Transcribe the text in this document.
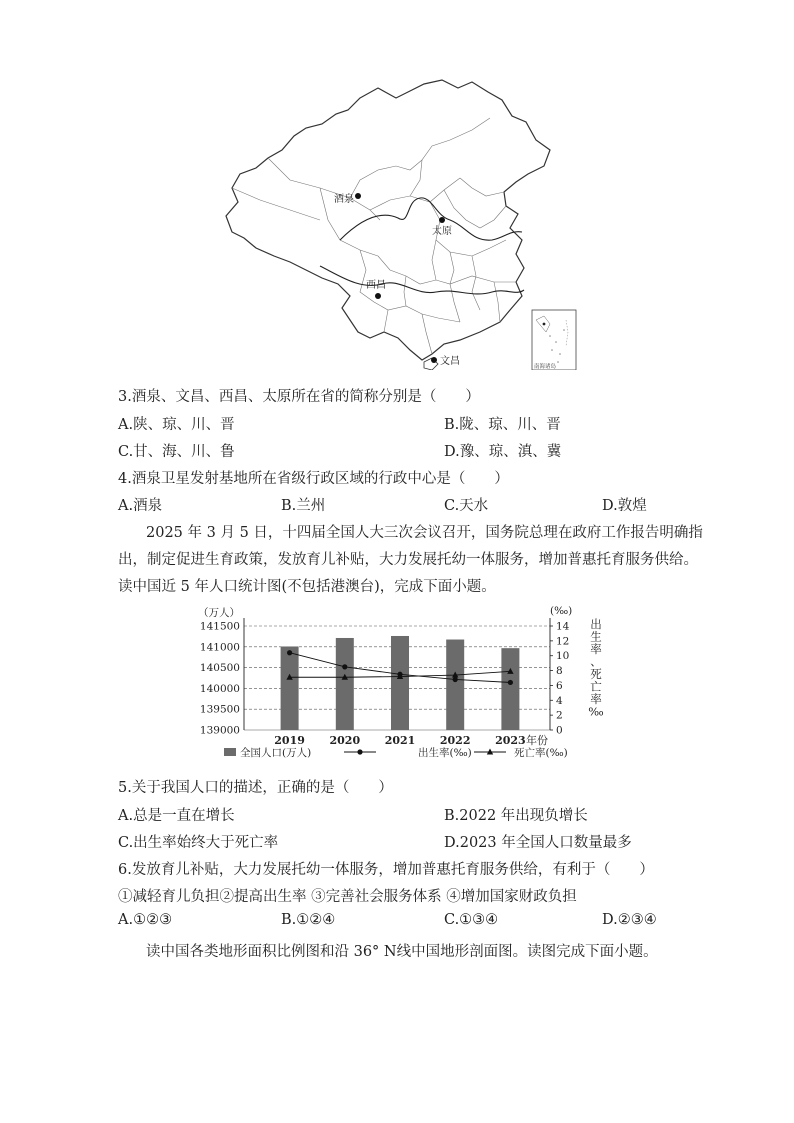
酒泉
太原
西昌
文昌	南海诸岛
3.酒泉、文昌、西昌、太原所在省的简称分别是（　　）
A.陕、琼、川、晋	B.陇、琼、川、晋
C.甘、海、川、鲁	D.豫、琼、滇、冀
4.酒泉卫星发射基地所在省级行政区域的行政中心是（　　）
A.酒泉	B.兰州	C.天水	D.敦煌
2025 年 3 月 5 日，十四届全国人大三次会议召开，国务院总理在政府工作报告明确指
出，制定促进生育政策，发放育儿补贴，大力发展托幼一体服务，增加普惠托育服务供给。
读中国近 5 年人口统计图(不包括港澳台)，完成下面小题。
（万人）	(‰)
141500
141000
140500
140000
139500
139000
14
12
10
8
6
4
2
0
2019 2020 2021 2022 2023 年份
出
生
率
、
死
亡
率
‰
全国人口(万人)	出生率(‰)	死亡率(‰)
5.关于我国人口的描述，正确的是（　　）
A.总是一直在增长	B.2022 年出现负增长
C.出生率始终大于死亡率	D.2023 年全国人口数量最多
6.发放育儿补贴，大力发展托幼一体服务，增加普惠托育服务供给，有利于（　　）
①减轻育儿负担②提高出生率 ③完善社会服务体系 ④增加国家财政负担
A.①②③	B.①②④	C.①③④	D.②③④
读中国各类地形面积比例图和沿 36° N线中国地形剖面图。读图完成下面小题。
